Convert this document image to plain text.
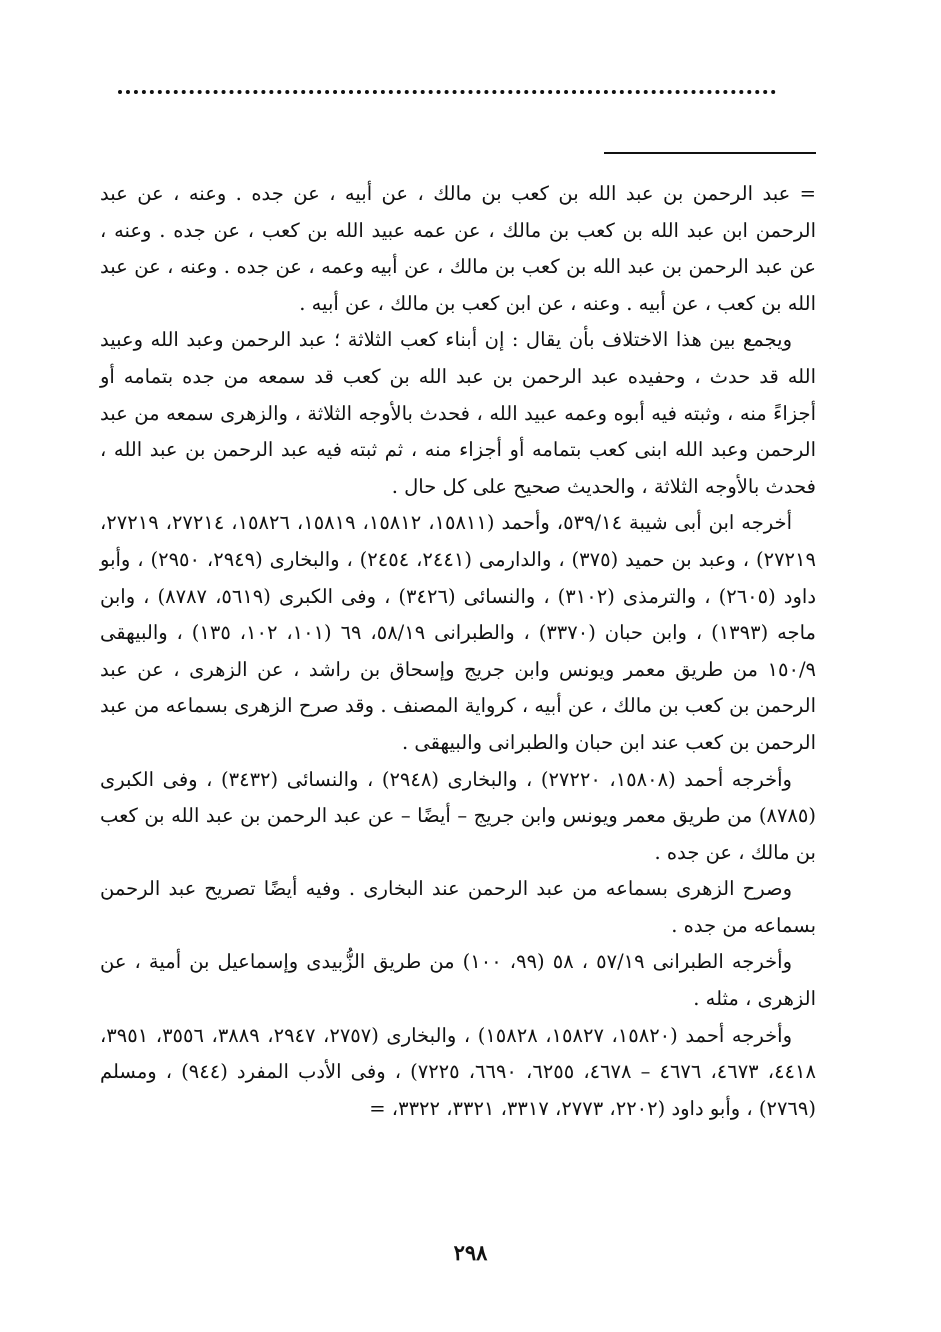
= عبد الرحمن بن عبد الله بن كعب بن مالك ، عن أبيه ، عن جده . وعنه ، عن عبد الرحمن ابن عبد الله بن كعب بن مالك ، عن عمه عبيد الله بن كعب ، عن جده . وعنه ، عن عبد الرحمن بن عبد الله بن كعب بن مالك ، عن أبيه وعمه ، عن جده . وعنه ، عن عبد الله بن كعب ، عن أبيه . وعنه ، عن ابن كعب بن مالك ، عن أبيه .

ويجمع بين هذا الاختلاف بأن يقال : إن أبناء كعب الثلاثة ؛ عبد الرحمن وعبد الله وعبيد الله قد حدث ، وحفيده عبد الرحمن بن عبد الله بن كعب قد سمعه من جده بتمامه أو أجزاءً منه ، وثبته فيه أبوه وعمه عبيد الله ، فحدث بالأوجه الثلاثة ، والزهرى سمعه من عبد الرحمن وعبد الله ابنى كعب بتمامه أو أجزاء منه ، ثم ثبته فيه عبد الرحمن بن عبد الله ، فحدث بالأوجه الثلاثة ، والحديث صحيح على كل حال .

أخرجه ابن أبى شيبة ٥٣٩/١٤، وأحمد (١٥٨١١، ١٥٨١٢، ١٥٨١٩، ١٥٨٢٦، ٢٧٢١٤، ٢٧٢١٩، ٢٧٢١٩) ، وعبد بن حميد (٣٧٥) ، والدارمى (٢٤٤١، ٢٤٥٤) ، والبخارى (٢٩٤٩، ٢٩٥٠) ، وأبو داود (٢٦٠٥) ، والترمذى (٣١٠٢) ، والنسائى (٣٤٢٦) ، وفى الكبرى (٥٦١٩، ٨٧٨٧) ، وابن ماجه (١٣٩٣) ، وابن حبان (٣٣٧٠) ، والطبرانى ٥٨/١٩، ٦٩ (١٠١، ١٠٢، ١٣٥) ، والبيهقى ١٥٠/٩ من طريق معمر ويونس وابن جريج وإسحاق بن راشد ، عن الزهرى ، عن عبد الرحمن بن كعب بن مالك ، عن أبيه ، كرواية المصنف . وقد صرح الزهرى بسماعه من عبد الرحمن بن كعب عند ابن حبان والطبرانى والبيهقى .

وأخرجه أحمد (١٥٨٠٨، ٢٧٢٢٠) ، والبخارى (٢٩٤٨) ، والنسائى (٣٤٣٢) ، وفى الكبرى (٨٧٨٥) من طريق معمر ويونس وابن جريج – أيضًا – عن عبد الرحمن بن عبد الله بن كعب بن مالك ، عن جده .

وصرح الزهرى بسماعه من عبد الرحمن عند البخارى . وفيه أيضًا تصريح عبد الرحمن بسماعه من جده .

وأخرجه الطبرانى ٥٧/١٩ ، ٥٨ (٩٩، ١٠٠) من طريق الزُّبيدى وإسماعيل بن أمية ، عن الزهرى ، مثله .

وأخرجه أحمد (١٥٨٢٠، ١٥٨٢٧، ١٥٨٢٨) ، والبخارى (٢٧٥٧، ٢٩٤٧، ٣٨٨٩، ٣٥٥٦، ٣٩٥١، ٤٤١٨، ٤٦٧٣، ٤٦٧٦ – ٤٦٧٨، ٦٢٥٥، ٦٦٩٠، ٧٢٢٥) ، وفى الأدب المفرد (٩٤٤) ، ومسلم (٢٧٦٩) ، وأبو داود (٢٢٠٢، ٢٧٧٣، ٣٣١٧، ٣٣٢١، ٣٣٢٢، =

٢٩٨
